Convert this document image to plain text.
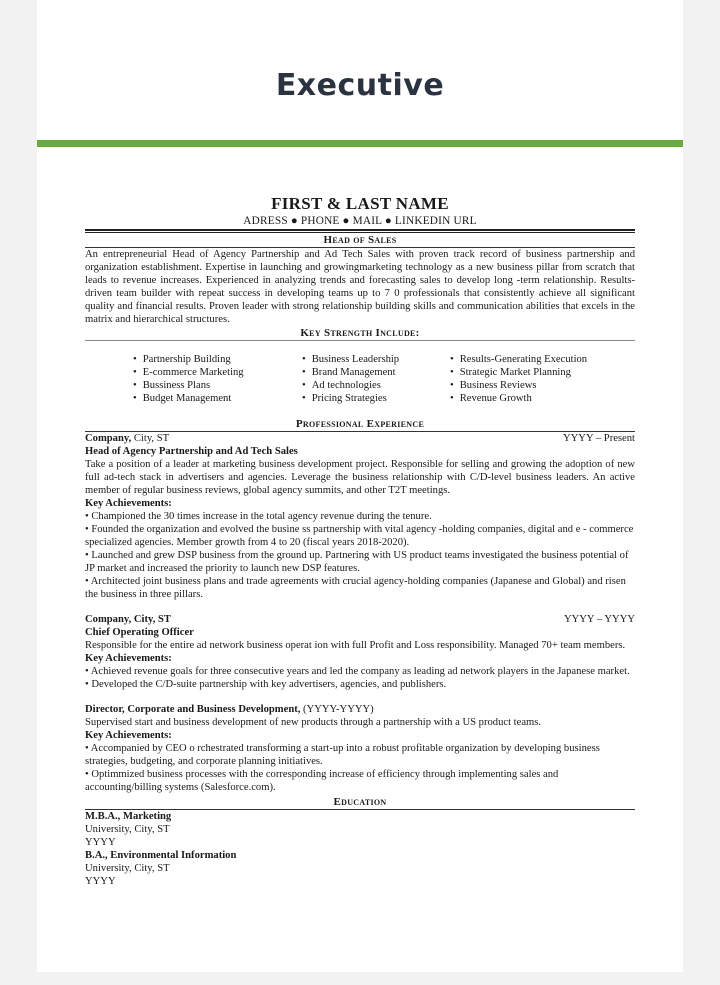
Executive
FIRST & LAST NAME
ADRESS ● PHONE ● MAIL ● LINKEDIN URL
Head of Sales

An entrepreneurial Head of Agency Partnership and Ad Tech Sales with proven track record of business partnership and organization establishment. Expertise in launching and growingmarketing technology as a new business pillar from scratch that leads to revenue increases. Experienced in analyzing trends and forecasting sales to develop long -term relationship. Results-driven team builder with repeat success in developing teams up to 7 0 professionals that consistently achieve all significant quality and financial results. Proven leader with strong relationship building skills and communication abilities that excels in the matrix and hierarchical structures.

Key Strength Include:
• Partnership Building
• E-commerce Marketing
• Bussiness Plans
• Budget Management
• Business Leadership
• Brand Management
• Ad technologies
• Pricing Strategies
• Results-Generating Execution
• Strategic Market Planning
• Business Reviews
• Revenue Growth
Professional Experience
Company, City, ST	YYYY – Present
Head of Agency Partnership and Ad Tech Sales

Take a position of a leader at marketing business development project. Responsible for selling and growing the adoption of new full ad-tech stack in advertisers and agencies. Leverage the business relationship with C/D-level business leaders. An active member of regular business reviews, global agency summits, and other T2T meetings.

Key Achievements:

• Championed the 30 times increase in the total agency revenue during the tenure.

• Founded the organization and evolved the busine ss partnership with vital agency -holding companies, digital and e - commerce specialized agencies. Member growth from 4 to 20 (fiscal years 2018-2020).

• Launched and grew DSP business from the ground up. Partnering with US product teams investigated the business potential of JP market and increased the priority to launch new DSP features.

• Architected joint business plans and trade agreements with crucial agency-holding companies (Japanese and Global) and risen the business in three pillars.

Company, City, ST	YYYY – YYYY
Chief Operating Officer

Responsible for the entire ad network business operat ion with full Profit and Loss responsibility. Managed 70+ team members.

Key Achievements:

• Achieved revenue goals for three consecutive years and led the company as leading ad network players in the Japanese market.

• Developed the C/D-suite partnership with key advertisers, agencies, and publishers.

Director, Corporate and Business Development, (YYYY-YYYY)

Supervised start and business development of new products through a partnership with a US product teams.

Key Achievements:

• Accompanied by CEO o rchestrated transforming a start-up into a robust profitable organization by developing business strategies, budgeting, and corporate planning initiatives.

• Optimmized business processes with the corresponding increase of efficiency through implementing sales and accounting/billing systems (Salesforce.com).

Education
M.B.A., Marketing
University, City, ST
YYYY
B.A., Environmental Information
University, City, ST
YYYY
